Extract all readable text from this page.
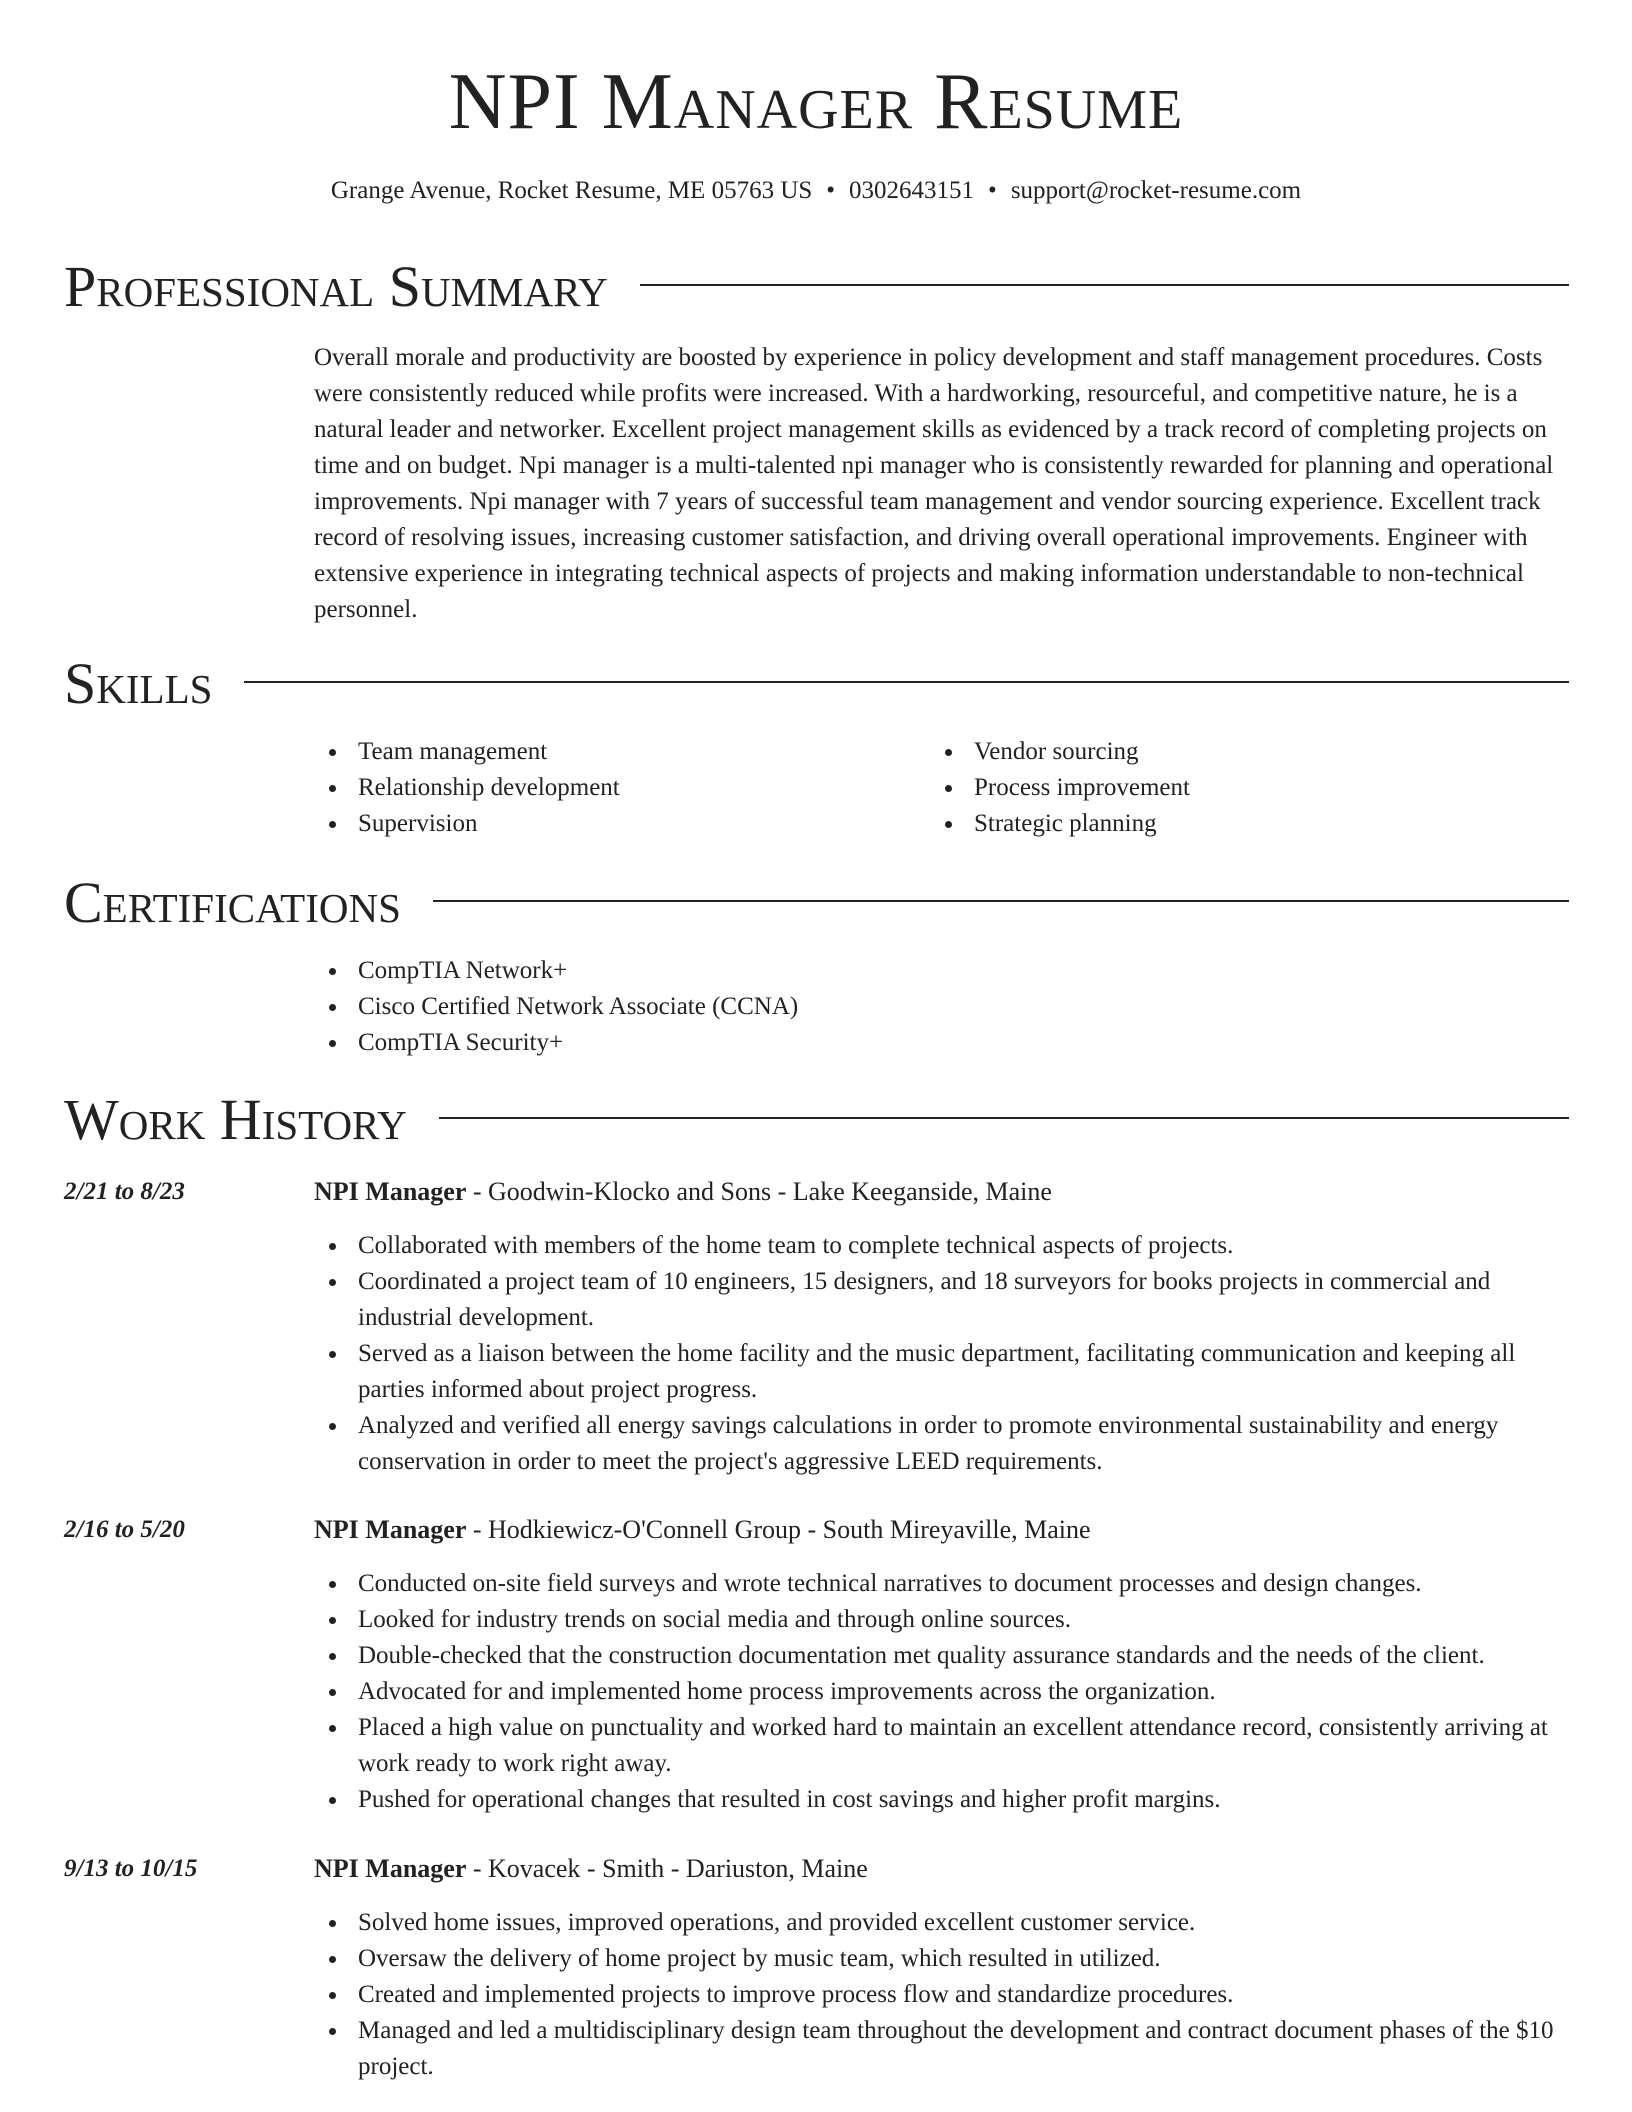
NPI Manager Resume
Grange Avenue, Rocket Resume, ME 05763 US • 0302643151 • support@rocket-resume.com
Professional Summary

Overall morale and productivity are boosted by experience in policy development and staff management procedures. Costs were consistently reduced while profits were increased. With a hardworking, resourceful, and competitive nature, he is a natural leader and networker. Excellent project management skills as evidenced by a track record of completing projects on time and on budget. Npi manager is a multi-talented npi manager who is consistently rewarded for planning and operational improvements. Npi manager with 7 years of successful team management and vendor sourcing experience. Excellent track record of resolving issues, increasing customer satisfaction, and driving overall operational improvements. Engineer with extensive experience in integrating technical aspects of projects and making information understandable to non-technical personnel.

Skills
Team management
Relationship development
Supervision
Vendor sourcing
Process improvement
Strategic planning
Certifications
CompTIA Network+
Cisco Certified Network Associate (CCNA)
CompTIA Security+
Work History
2/21 to 8/23	NPI Manager - Goodwin-Klocko and Sons - Lake Keeganside, Maine
Collaborated with members of the home team to complete technical aspects of projects.
Coordinated a project team of 10 engineers, 15 designers, and 18 surveyors for books projects in commercial and industrial development.
Served as a liaison between the home facility and the music department, facilitating communication and keeping all parties informed about project progress.
Analyzed and verified all energy savings calculations in order to promote environmental sustainability and energy conservation in order to meet the project's aggressive LEED requirements.
2/16 to 5/20	NPI Manager - Hodkiewicz-O'Connell Group - South Mireyaville, Maine
Conducted on-site field surveys and wrote technical narratives to document processes and design changes.
Looked for industry trends on social media and through online sources.
Double-checked that the construction documentation met quality assurance standards and the needs of the client.
Advocated for and implemented home process improvements across the organization.
Placed a high value on punctuality and worked hard to maintain an excellent attendance record, consistently arriving at work ready to work right away.
Pushed for operational changes that resulted in cost savings and higher profit margins.
9/13 to 10/15	NPI Manager - Kovacek - Smith - Dariuston, Maine
Solved home issues, improved operations, and provided excellent customer service.
Oversaw the delivery of home project by music team, which resulted in utilized.
Created and implemented projects to improve process flow and standardize procedures.
Managed and led a multidisciplinary design team throughout the development and contract document phases of the $10 project.
